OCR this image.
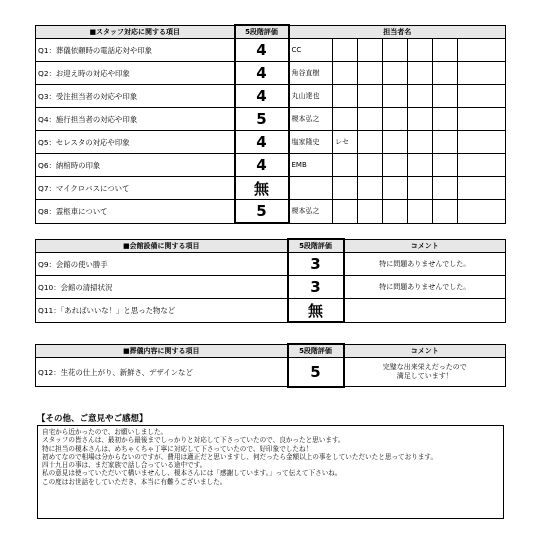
■スタッフ対応に関する項目	5段階評価	担当者名						
Q1：葬儀依頼時の電話応対や印象	4	CC						
Q2：お迎え時の対応や印象	4	角谷直樹						
Q3：受注担当者の対応や印象	4	丸山達也						
Q4：施行担当者の対応や印象	5	榎本弘之						
Q5：セレスタの対応や印象	4	塩家隆史	レセ					
Q6：納棺時の印象	4	EMB						
Q7：マイクロバスについて	無							
Q8：霊柩車について	5	榎本弘之						
■会館設備に関する項目	5段階評価	コメント
Q9：会館の使い勝手	3	特に問題ありませんでした。
Q10：会館の清掃状況	3	特に問題ありませんでした。
Q11：「あればいいな！」と思った物など	無	
■葬儀内容に関する項目	5段階評価	コメント
Q12：生花の仕上がり、新鮮さ、デザインなど	5	完璧な出来栄えだったので
満足しています！
【その他、ご意見やご感想】
自宅から近かったので、お願いしました。
スタッフの皆さんは、最初から最後までしっかりと対応して下さっていたので、良かったと思います。
特に担当の榎本さんは、めちゃくちゃ丁寧に対応して下さっていたので、好印象でしたね！
初めてなので相場は分からないのですが、費用は適正だと思いますし、何だったら金額以上の事をしていただいたと思っております。
四十九日の事は、まだ家族で話し合っている途中です。
私の意見は使っていただいて構いませんし、榎本さんには「感謝しています。」って伝えて下さいね。
この度はお世話をしていただき、本当に有難うございました。
